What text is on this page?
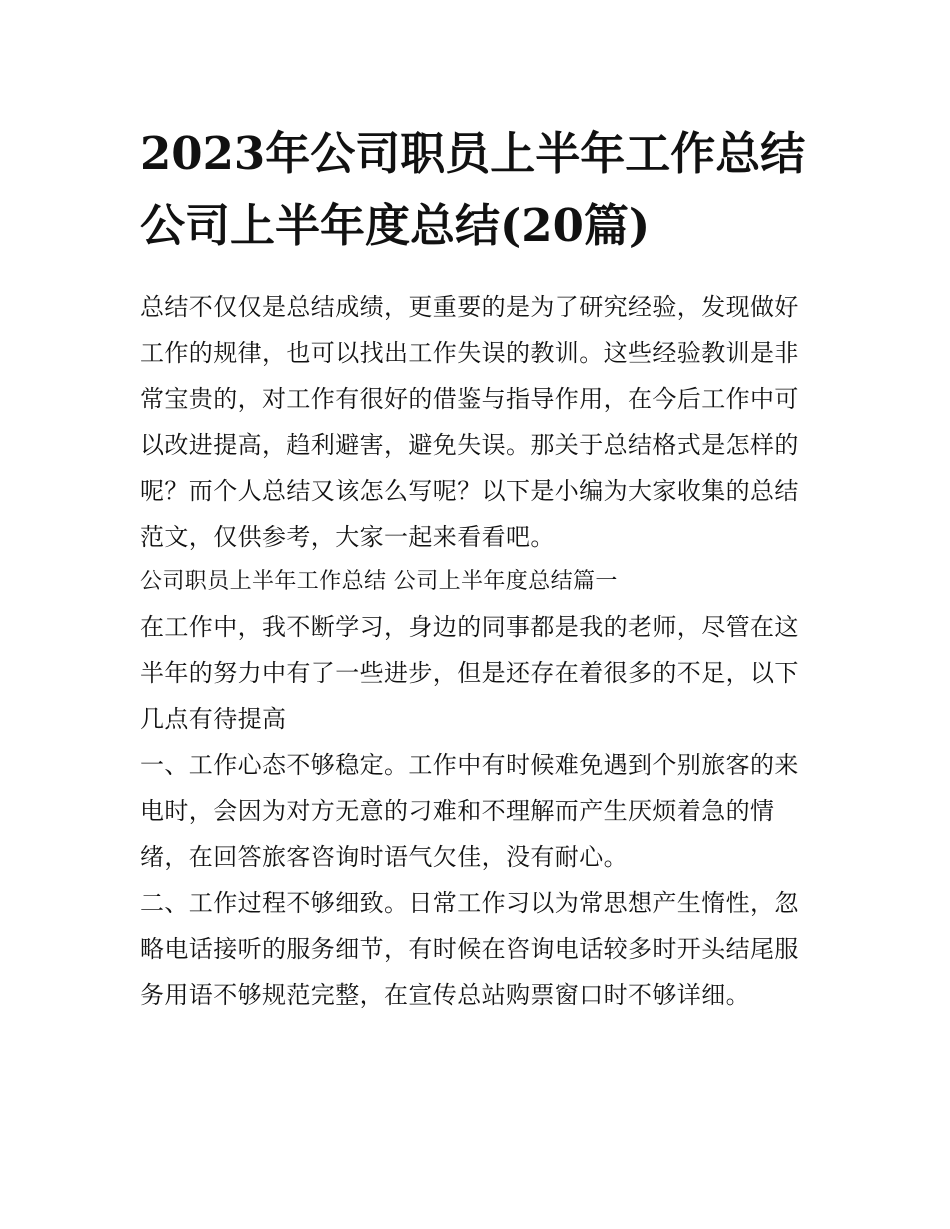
2023年公司职员上半年工作总结 公司上半年度总结(20篇)

总结不仅仅是总结成绩，更重要的是为了研究经验，发现做好工作的规律，也可以找出工作失误的教训。这些经验教训是非常宝贵的，对工作有很好的借鉴与指导作用，在今后工作中可以改进提高，趋利避害，避免失误。那关于总结格式是怎样的呢？而个人总结又该怎么写呢？以下是小编为大家收集的总结范文，仅供参考，大家一起来看看吧。

公司职员上半年工作总结 公司上半年度总结篇一

在工作中，我不断学习，身边的同事都是我的老师，尽管在这半年的努力中有了一些进步，但是还存在着很多的不足，以下几点有待提高

一、工作心态不够稳定。工作中有时候难免遇到个别旅客的来电时，会因为对方无意的刁难和不理解而产生厌烦着急的情绪，在回答旅客咨询时语气欠佳，没有耐心。

二、工作过程不够细致。日常工作习以为常思想产生惰性，忽略电话接听的服务细节，有时候在咨询电话较多时开头结尾服务用语不够规范完整，在宣传总站购票窗口时不够详细。
